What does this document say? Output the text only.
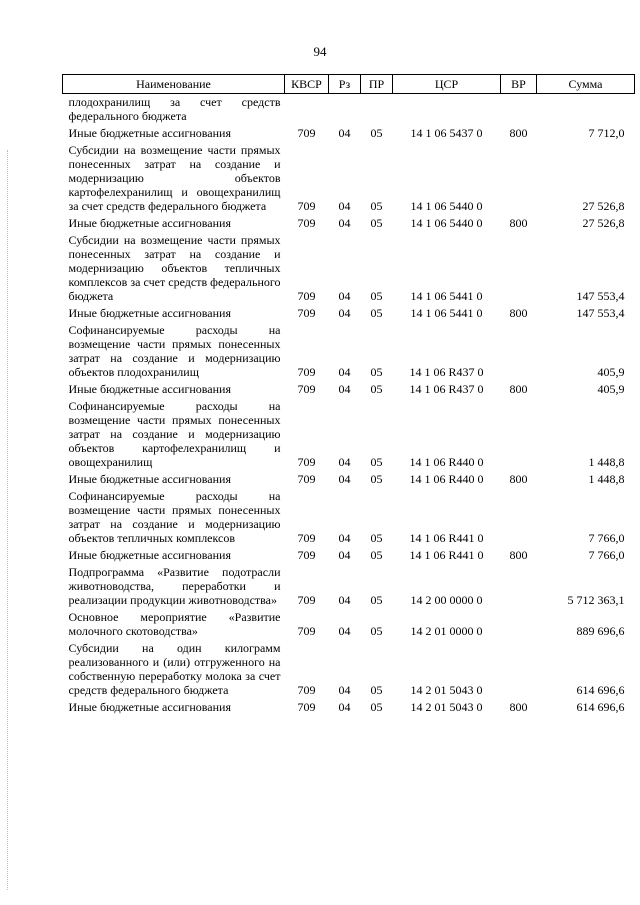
94
Наименование	КВСР	Рз	ПР	ЦСР	ВР	Сумма
плодохранилищ за счет средств федерального бюджета						
Иные бюджетные ассигнования	709	04	05	14 1 06 5437 0	800	7 712,0
Субсидии на возмещение части прямых понесенных затрат на создание и модернизацию объектов картофелехранилищ и овощехранилищ за счет средств федерального бюджета	709	04	05	14 1 06 5440 0		27 526,8
Иные бюджетные ассигнования	709	04	05	14 1 06 5440 0	800	27 526,8
Субсидии на возмещение части прямых понесенных затрат на создание и модернизацию объектов тепличных комплексов за счет средств федерального бюджета	709	04	05	14 1 06 5441 0		147 553,4
Иные бюджетные ассигнования	709	04	05	14 1 06 5441 0	800	147 553,4
Софинансируемые расходы на возмещение части прямых понесенных затрат на создание и модернизацию объектов плодохранилищ	709	04	05	14 1 06 R437 0		405,9
Иные бюджетные ассигнования	709	04	05	14 1 06 R437 0	800	405,9
Софинансируемые расходы на возмещение части прямых понесенных затрат на создание и модернизацию объектов картофелехранилищ и овощехранилищ	709	04	05	14 1 06 R440 0		1 448,8
Иные бюджетные ассигнования	709	04	05	14 1 06 R440 0	800	1 448,8
Софинансируемые расходы на возмещение части прямых понесенных затрат на создание и модернизацию объектов тепличных комплексов	709	04	05	14 1 06 R441 0		7 766,0
Иные бюджетные ассигнования	709	04	05	14 1 06 R441 0	800	7 766,0
Подпрограмма «Развитие подотрасли животноводства, переработки и реализации продукции животноводства»	709	04	05	14 2 00 0000 0		5 712 363,1
Основное мероприятие «Развитие молочного скотоводства»	709	04	05	14 2 01 0000 0		889 696,6
Субсидии на один килограмм реализованного и (или) отгруженного на собственную переработку молока за счет средств федерального бюджета	709	04	05	14 2 01 5043 0		614 696,6
Иные бюджетные ассигнования	709	04	05	14 2 01 5043 0	800	614 696,6
